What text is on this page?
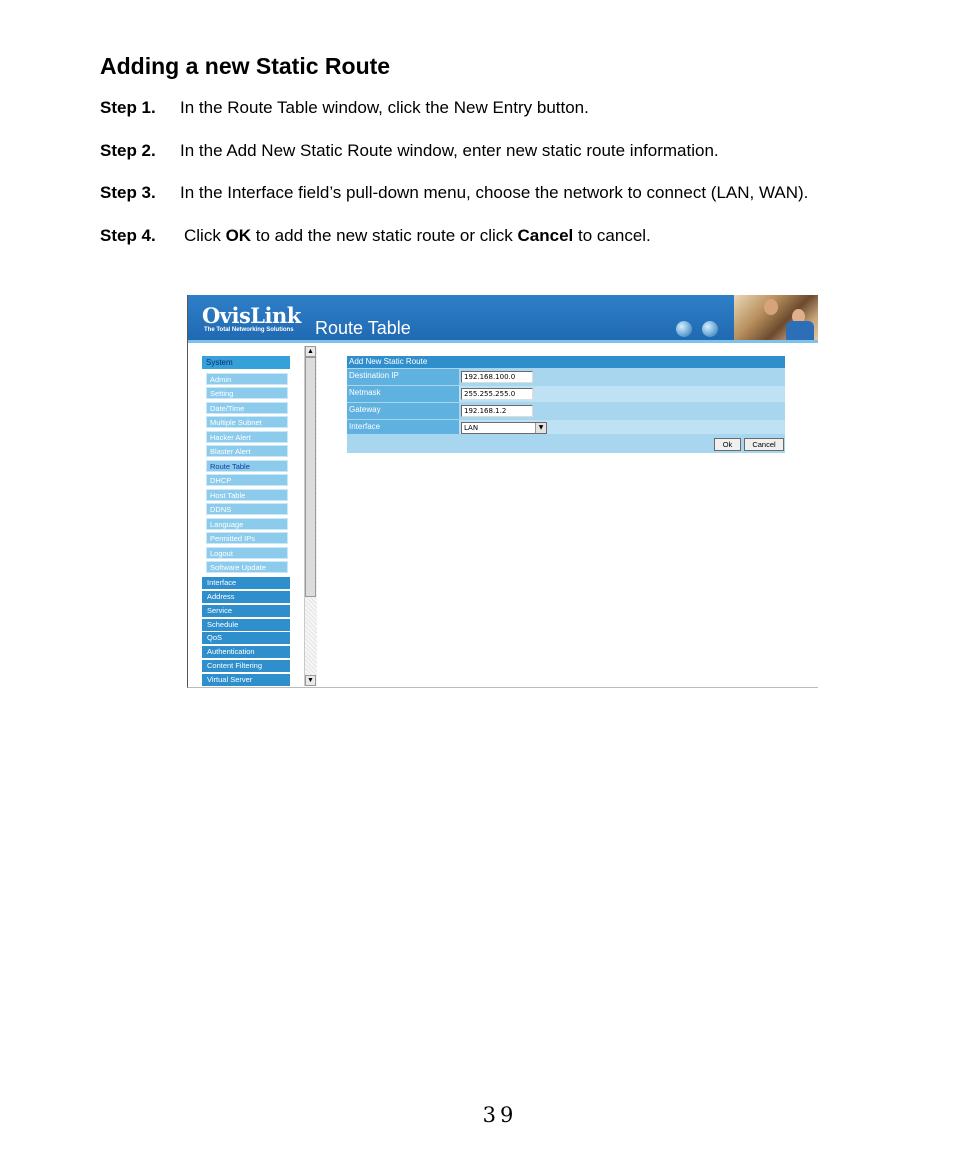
Adding a new Static Route
Step 1. In the Route Table window, click the New Entry button.
Step 2. In the Add New Static Route window, enter new static route information.
Step 3. In the Interface field’s pull-down menu, choose the network to connect (LAN, WAN).
Step 4. Click OK to add the new static route or click Cancel to cancel.
OvisLink
The Total Networking Solutions Route Table
System
Admin
Setting
Date/Time
Multiple Subnet
Hacker Alert
Blaster Alert
Route Table
DHCP
Host Table
DDNS
Language
Permitted IPs
Logout
Software Update
Interface
Address
Service
Schedule
QoS
Authentication
Content Filtering
Virtual Server
▲
▼
Add New Static Route
Destination IP	192.168.100.0
Netmask	255.255.255.0
Gateway	192.168.1.2
Interface	LAN	▼
Ok	Cancel
39
